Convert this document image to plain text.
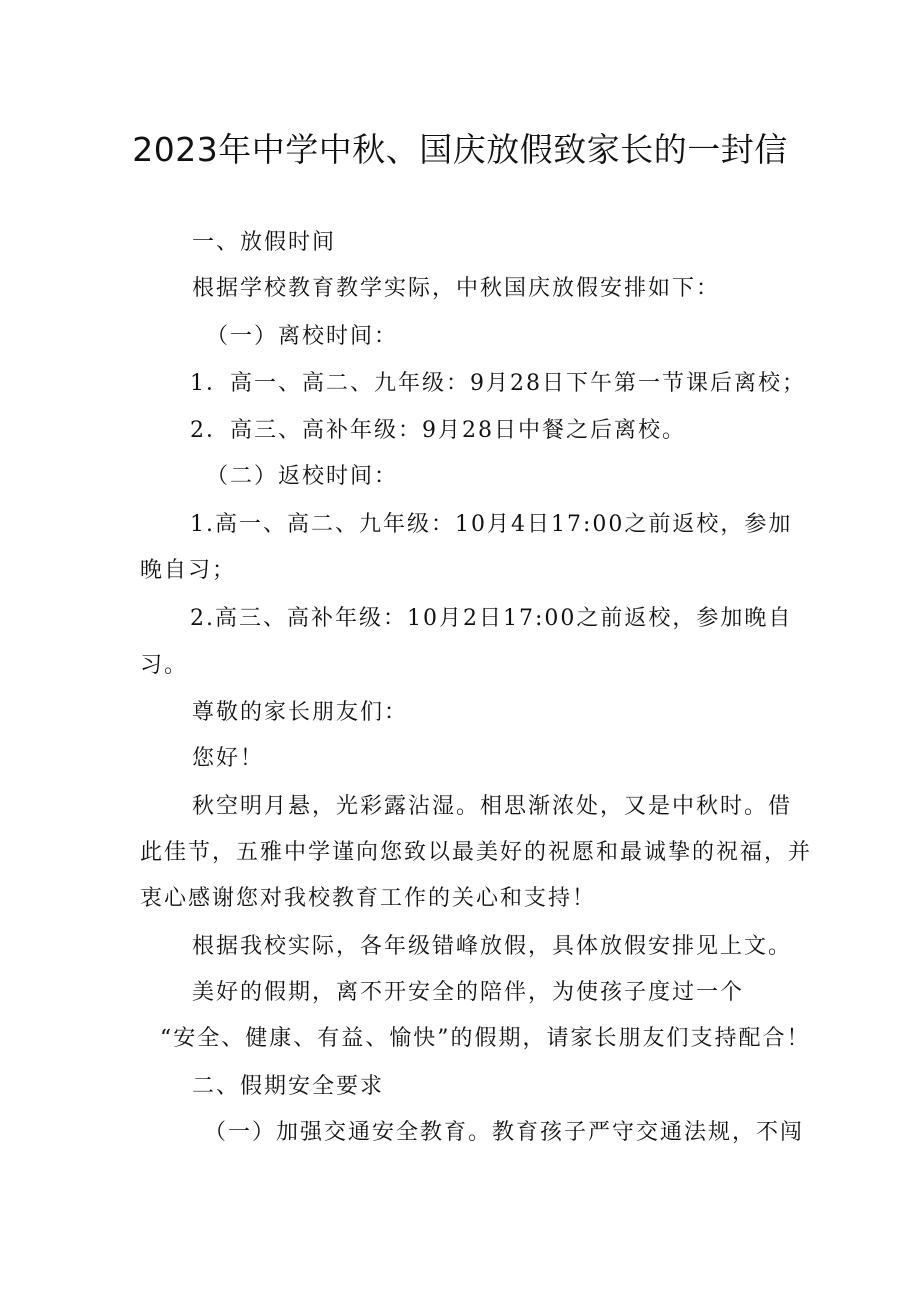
2023年中学中秋、国庆放假致家长的一封信
一、放假时间
根据学校教育教学实际，中秋国庆放假安排如下：
（一）离校时间：
1．高一、高二、九年级：9月28日下午第一节课后离校；
2．高三、高补年级：9月28日中餐之后离校。
（二）返校时间：
1.高一、高二、九年级：10月4日17:00之前返校，参加
晚自习；
2.高三、高补年级：10月2日17:00之前返校，参加晚自
习。
尊敬的家长朋友们：
您好！
秋空明月悬，光彩露沾湿。相思渐浓处，又是中秋时。借
此佳节，五雅中学谨向您致以最美好的祝愿和最诚挚的祝福，并
衷心感谢您对我校教育工作的关心和支持！
根据我校实际，各年级错峰放假，具体放假安排见上文。
美好的假期，离不开安全的陪伴，为使孩子度过一个
“安全、健康、有益、愉快”的假期，请家长朋友们支持配合！
二、假期安全要求
（一）加强交通安全教育。教育孩子严守交通法规，不闯
